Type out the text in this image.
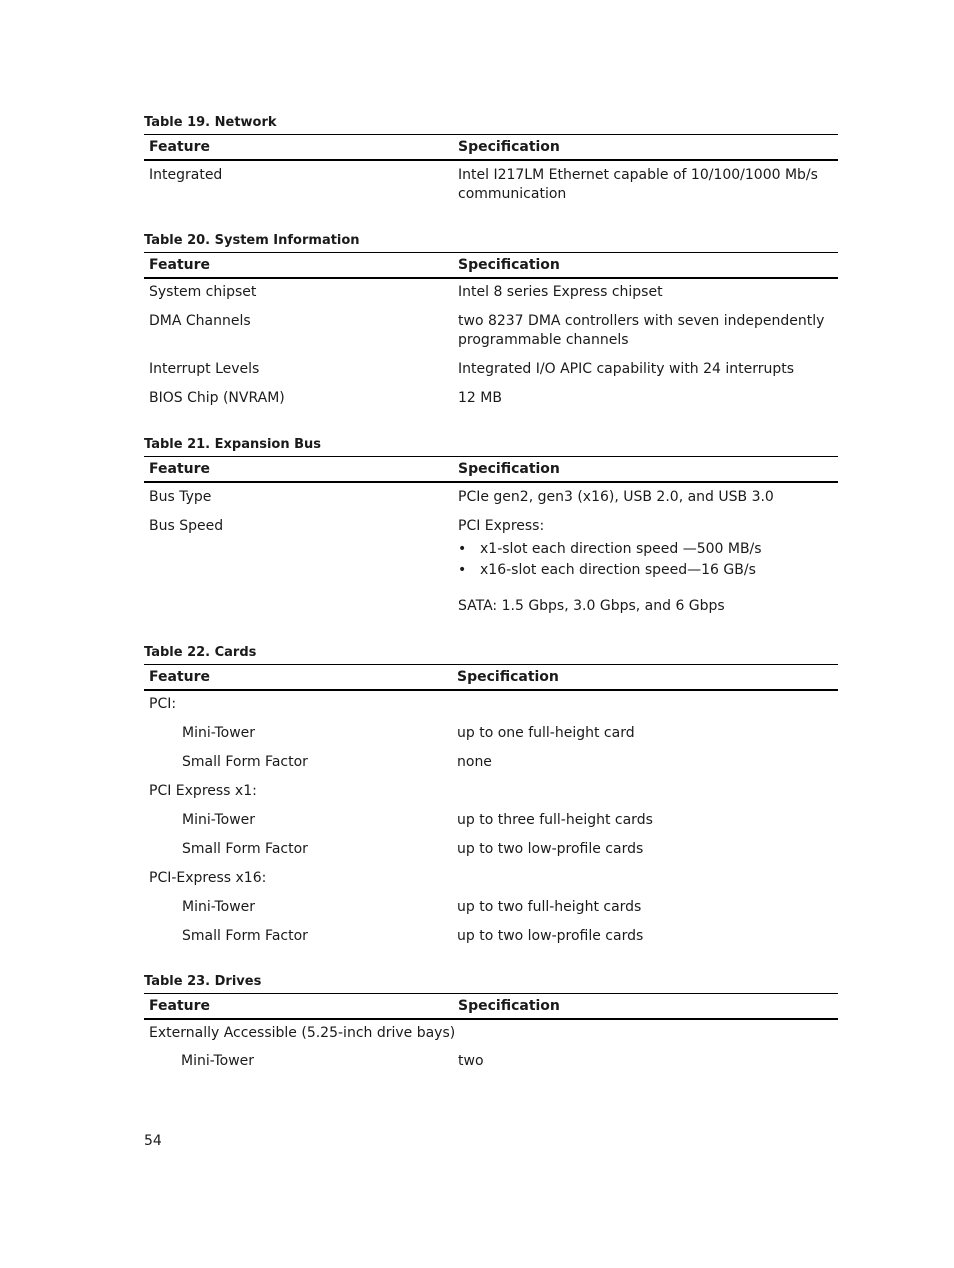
Table 19. Network
Feature	Specification
Integrated	Intel I217LM Ethernet capable of 10/100/1000 Mb/s communication
Table 20. System Information
Feature	Specification
System chipset	Intel 8 series Express chipset
DMA Channels	two 8237 DMA controllers with seven independently programmable channels
Interrupt Levels	Integrated I/O APIC capability with 24 interrupts
BIOS Chip (NVRAM)	12 MB
Table 21. Expansion Bus
Feature	Specification
Bus Type	PCIe gen2, gen3 (x16), USB 2.0, and USB 3.0
Bus Speed	PCI Express:
• x1-slot each direction speed —500 MB/s
• x16-slot each direction speed—16 GB/s
SATA: 1.5 Gbps, 3.0 Gbps, and 6 Gbps
Table 22. Cards
Feature	Specification
PCI:
Mini-Tower	up to one full-height card
Small Form Factor	none
PCI Express x1:
Mini-Tower	up to three full-height cards
Small Form Factor	up to two low-profile cards
PCI-Express x16:
Mini-Tower	up to two full-height cards
Small Form Factor	up to two low-profile cards
Table 23. Drives
Feature	Specification
Externally Accessible (5.25-inch drive bays)
Mini-Tower	two
54
